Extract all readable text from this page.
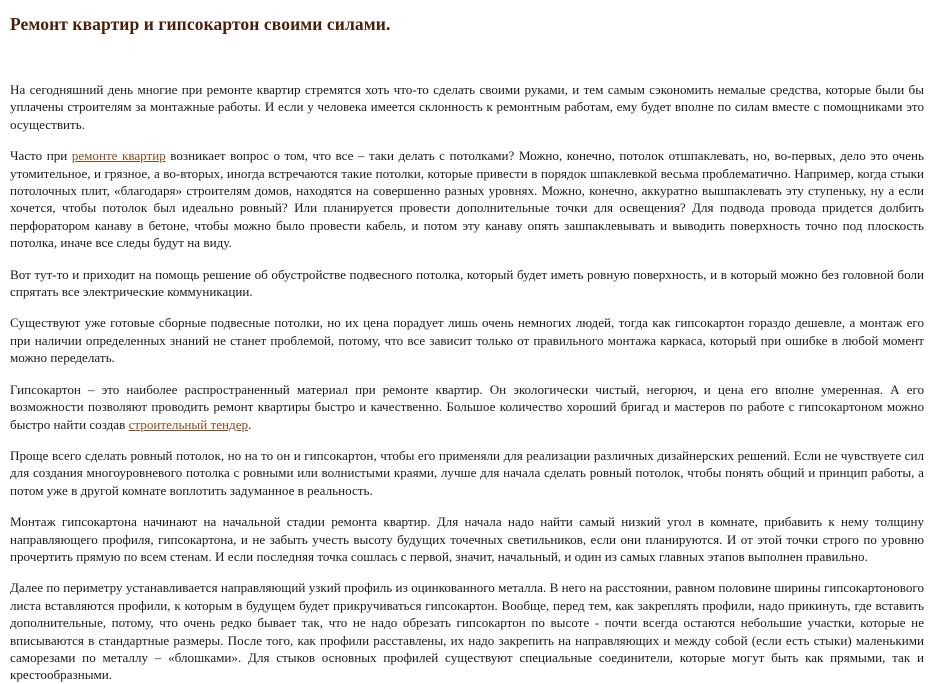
Ремонт квартир и гипсокартон своими силами.

На сегодняшний день многие при ремонте квартир стремятся хоть что-то сделать своими руками, и тем самым сэкономить немалые средства, которые были бы уплачены строителям за монтажные работы. И если у человека имеется склонность к ремонтным работам, ему будет вполне по силам вместе с помощниками это осуществить.

Часто при ремонте квартир возникает вопрос о том, что все – таки делать с потолками? Можно, конечно, потолок отшпаклевать, но, во-первых, дело это очень утомительное, и грязное, а во-вторых, иногда встречаются такие потолки, которые привести в порядок шпаклевкой весьма проблематично. Например, когда стыки потолочных плит, «благодаря» строителям домов, находятся на совершенно разных уровнях. Можно, конечно, аккуратно вышпаклевать эту ступеньку, ну а если хочется, чтобы потолок был идеально ровный? Или планируется провести дополнительные точки для освещения? Для подвода провода придется долбить перфоратором канаву в бетоне, чтобы можно было провести кабель, и потом эту канаву опять зашпаклевывать и выводить поверхность точно под плоскость потолка, иначе все следы будут на виду.

Вот тут-то и приходит на помощь решение об обустройстве подвесного потолка, который будет иметь ровную поверхность, и в который можно без головной боли спрятать все электрические коммуникации.

Существуют уже готовые сборные подвесные потолки, но их цена порадует лишь очень немногих людей, тогда как гипсокартон гораздо дешевле, а монтаж его при наличии определенных знаний не станет проблемой, потому, что все зависит только от правильного монтажа каркаса, который при ошибке в любой момент можно переделать.

Гипсокартон – это наиболее распространенный материал при ремонте квартир. Он экологически чистый, негорюч, и цена его вполне умеренная. А его возможности позволяют проводить ремонт квартиры быстро и качественно. Большое количество хороший бригад и мастеров по работе с гипсокартоном можно быстро найти создав строительный тендер.

Проще всего сделать ровный потолок, но на то он и гипсокартон, чтобы его применяли для реализации различных дизайнерских решений. Если не чувствуете сил для создания многоуровневого потолка с ровными или волнистыми краями, лучше для начала сделать ровный потолок, чтобы понять общий и принцип работы, а потом уже в другой комнате воплотить задуманное в реальность.

Монтаж гипсокартона начинают на начальной стадии ремонта квартир. Для начала надо найти самый низкий угол в комнате, прибавить к нему толщину направляющего профиля, гипсокартона, и не забыть учесть высоту будущих точечных светильников, если они планируются. И от этой точки строго по уровню прочертить прямую по всем стенам. И если последняя точка сошлась с первой, значит, начальный, и один из самых главных этапов выполнен правильно.

Далее по периметру устанавливается направляющий узкий профиль из оцинкованного металла. В него на расстоянии, равном половине ширины гипсокартонового листа вставляются профили, к которым в будущем будет прикручиваться гипсокартон. Вообще, перед тем, как закреплять профили, надо прикинуть, где вставить дополнительные, потому, что очень редко бывает так, что не надо обрезать гипсокартон по высоте - почти всегда остаются небольшие участки, которые не вписываются в стандартные размеры. После того, как профили расставлены, их надо закрепить на направляющих и между собой (если есть стыки) маленькими саморезами по металлу – «блошками». Для стыков основных профилей существуют специальные соединители, которые могут быть как прямыми, так и крестообразными.
